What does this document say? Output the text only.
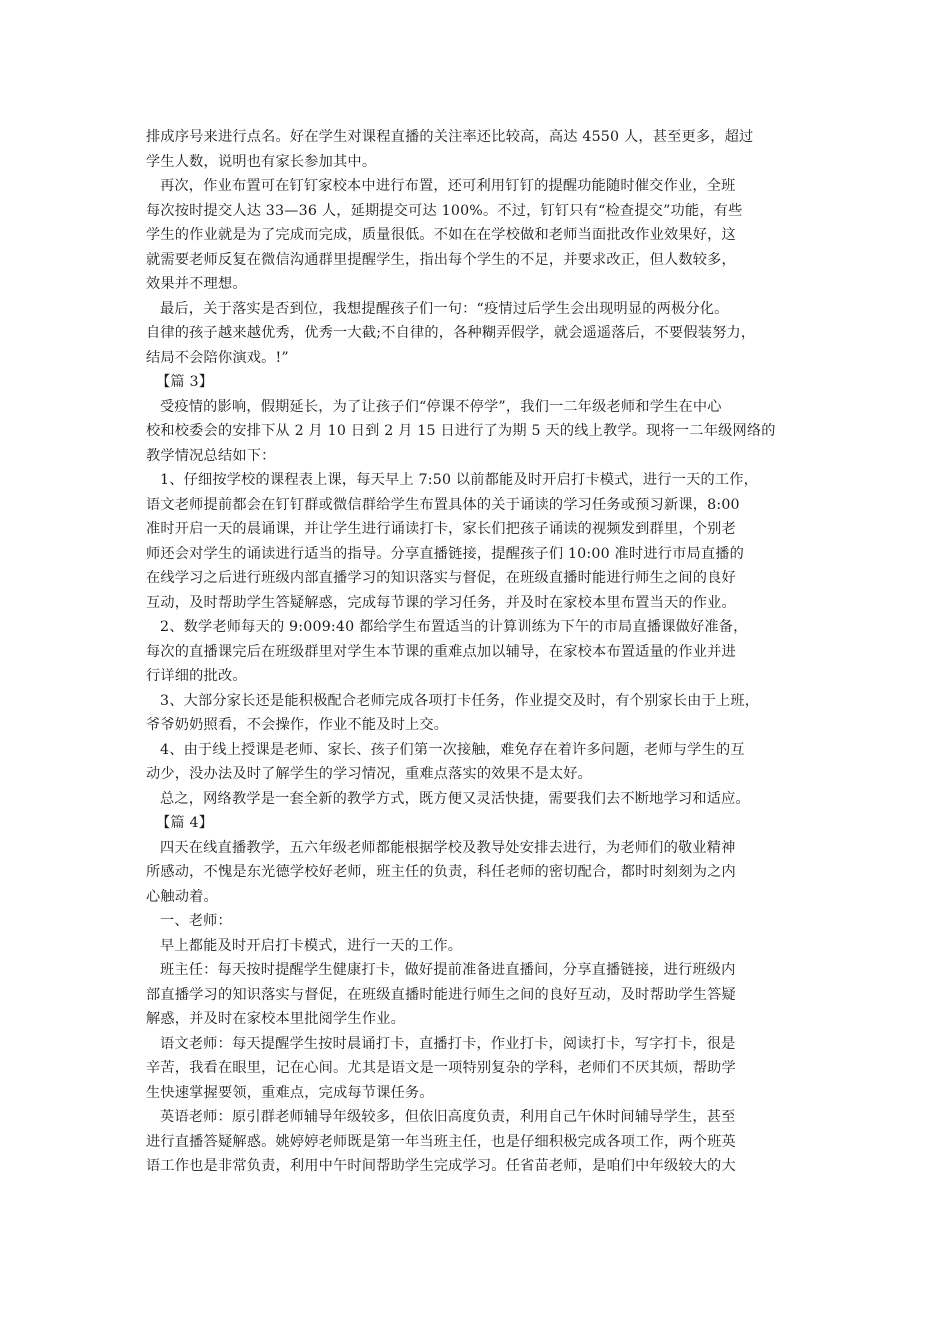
排成序号来进行点名。好在学生对课程直播的关注率还比较高，高达 4550 人，甚至更多，超过
学生人数，说明也有家长参加其中。
再次，作业布置可在钉钉家校本中进行布置，还可利用钉钉的提醒功能随时催交作业，全班
每次按时提交人达 33—36 人，延期提交可达 100%。不过，钉钉只有“检查提交”功能，有些
学生的作业就是为了完成而完成，质量很低。不如在在学校做和老师当面批改作业效果好，这
就需要老师反复在微信沟通群里提醒学生，指出每个学生的不足，并要求改正，但人数较多，
效果并不理想。
最后，关于落实是否到位，我想提醒孩子们一句：“疫情过后学生会出现明显的两极分化。
自律的孩子越来越优秀，优秀一大截;不自律的，各种糊弄假学，就会遥遥落后，不要假装努力，
结局不会陪你演戏。!”
【篇 3】
受疫情的影响，假期延长，为了让孩子们“停课不停学”，我们一二年级老师和学生在中心
校和校委会的安排下从 2 月 10 日到 2 月 15 日进行了为期 5 天的线上教学。现将一二年级网络的
教学情况总结如下：
1、仔细按学校的课程表上课，每天早上 7:50 以前都能及时开启打卡模式，进行一天的工作，
语文老师提前都会在钉钉群或微信群给学生布置具体的关于诵读的学习任务或预习新课，8:00
准时开启一天的晨诵课，并让学生进行诵读打卡，家长们把孩子诵读的视频发到群里，个别老
师还会对学生的诵读进行适当的指导。分享直播链接，提醒孩子们 10:00 准时进行市局直播的
在线学习之后进行班级内部直播学习的知识落实与督促，在班级直播时能进行师生之间的良好
互动，及时帮助学生答疑解惑，完成每节课的学习任务，并及时在家校本里布置当天的作业。
2、数学老师每天的 9:009:40 都给学生布置适当的计算训练为下午的市局直播课做好准备，
每次的直播课完后在班级群里对学生本节课的重难点加以辅导，在家校本布置适量的作业并进
行详细的批改。
3、大部分家长还是能积极配合老师完成各项打卡任务，作业提交及时，有个别家长由于上班，
爷爷奶奶照看，不会操作，作业不能及时上交。
4、由于线上授课是老师、家长、孩子们第一次接触，难免存在着许多问题，老师与学生的互
动少，没办法及时了解学生的学习情况，重难点落实的效果不是太好。
总之，网络教学是一套全新的教学方式，既方便又灵活快捷，需要我们去不断地学习和适应。
【篇 4】
四天在线直播教学，五六年级老师都能根据学校及教导处安排去进行，为老师们的敬业精神
所感动，不愧是东光德学校好老师，班主任的负责，科任老师的密切配合，都时时刻刻为之内
心触动着。
一、老师：
早上都能及时开启打卡模式，进行一天的工作。
班主任：每天按时提醒学生健康打卡，做好提前准备进直播间，分享直播链接，进行班级内
部直播学习的知识落实与督促，在班级直播时能进行师生之间的良好互动，及时帮助学生答疑
解惑，并及时在家校本里批阅学生作业。
语文老师：每天提醒学生按时晨诵打卡，直播打卡，作业打卡，阅读打卡，写字打卡，很是
辛苦，我看在眼里，记在心间。尤其是语文是一项特别复杂的学科，老师们不厌其烦，帮助学
生快速掌握要领，重难点，完成每节课任务。
英语老师：原引群老师辅导年级较多，但依旧高度负责，利用自己午休时间辅导学生，甚至
进行直播答疑解惑。姚婷婷老师既是第一年当班主任，也是仔细积极完成各项工作，两个班英
语工作也是非常负责，利用中午时间帮助学生完成学习。任省苗老师，是咱们中年级较大的大
